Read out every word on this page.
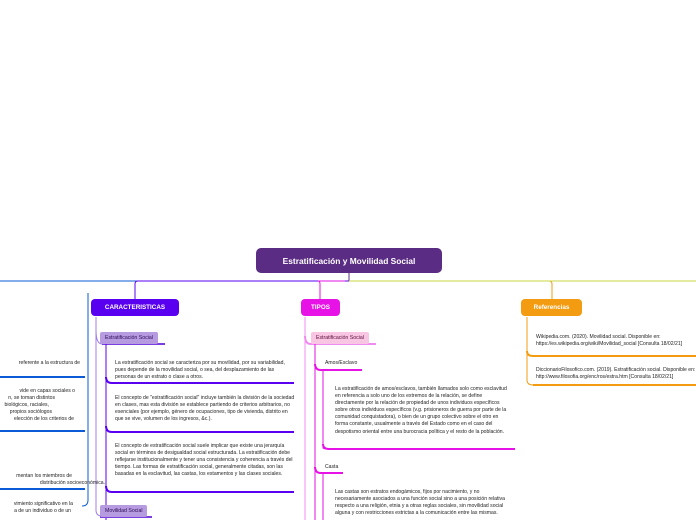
Estratificación y Movilidad Social
CARACTERISTICAS	TIPOS	Referencias
Estratificación Social
La estratificación social se caracteriza por su movilidad, por su variabilidad, pues depende de la movilidad social, o sea, del desplazamiento de las personas de un estrato o clase a otros.
El concepto de "estratificación social" incluye también la división de la sociedad en clases, mas esta división se establece partiendo de criterios arbitrarios, no esenciales (por ejemplo, género de ocupaciones, tipo de vivienda, distrito en que se vive, volumen de los ingresos, &c.).
El concepto de estratificación social suele implicar que existe una jerarquía social en términos de desigualdad social estructurada. La estratificación debe reflejarse institucionalmente y tener una consistencia y coherencia a través del tiempo. Las formas de estratificación social, generalmente citadas, son las basadas en la esclavitud, las castas, los estamentos y las clases sociales.
Movilidad Social
Estratificación Social
Amos/Esclavo
La estratificación de amos/esclavos, también llamados solo como esclavitud en referencia a solo uno de los extremos de la relación, se define directamente por la relación de propiedad de unos individuos específicos sobre otros individuos específicos (v.g. prisioneros de guerra por parte de la comunidad conquistadora), o bien de un grupo colectivo sobre el otro en forma constante, usualmente a través del Estado como en el caso del despotismo oriental entre una burocracia política y el resto de la población.
Casta
Las castas son estratos endogámicos, fijos por nacimiento, y no necesariamente asociados a una función social sino a una posición relativa respecto a una religión, etnia y a otras reglas sociales, sin movilidad social alguna y con restricciones estrictas a la comunicación entre las mismas.
Wikipedia.com. (2020). Movilidad social. Disponible en: https://es.wikipedia.org/wiki/Movilidad_social [Consulta 18/02/21]
DiccionarioFilosofico.com. (2019). Estratificación social. Disponible en: http://www.filosofia.org/enc/ros/estra.htm [Consulta 18/02/21]
referente a la estructura de
vide en capas sociales o
n, se toman distintos
biológicos, raciales,
propios sociólogos
elección de los criterios de
mentan los miembros de
distribución socioeconómica.
vimiento significativo en la
a de un individuo o de un
